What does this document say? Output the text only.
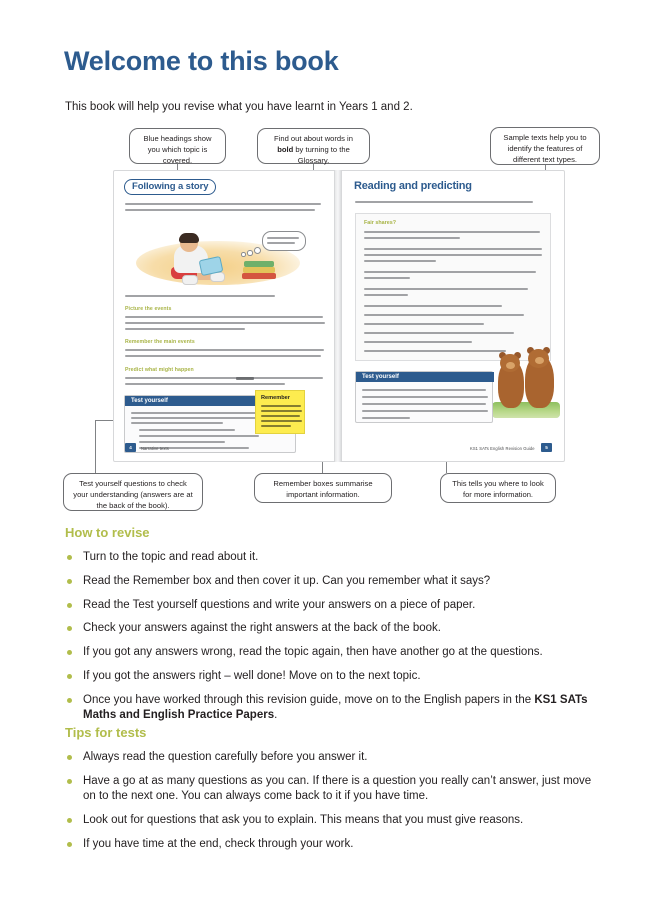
Welcome to this book
This book will help you revise what you have learnt in Years 1 and 2.
Blue headings show you which topic is covered.
Find out about words in bold by turning to the Glossary.
Sample texts help you to identify the features of different text types.
Test yourself questions to check your understanding (answers are at the back of the book).
Remember boxes summarise important information.
This tells you where to look for more information.
Following a story
Picture the events
Remember the main events
Predict what might happen
Test yourself
4	Narrative texts
Reading and predicting
Fair shares?
Test yourself
KS1 SATs English Revision Guide	5
Remember
How to revise
Turn to the topic and read about it.
Read the Remember box and then cover it up. Can you remember what it says?
Read the Test yourself questions and write your answers on a piece of paper.
Check your answers against the right answers at the back of the book.
If you got any answers wrong, read the topic again, then have another go at the questions.
If you got the answers right – well done! Move on to the next topic.
Once you have worked through this revision guide, move on to the English papers in the KS1 SATs Maths and English Practice Papers.
Tips for tests
Always read the question carefully before you answer it.
Have a go at as many questions as you can. If there is a question you really can’t answer, just move on to the next one. You can always come back to it if you have time.
Look out for questions that ask you to explain. This means that you must give reasons.
If you have time at the end, check through your work.
